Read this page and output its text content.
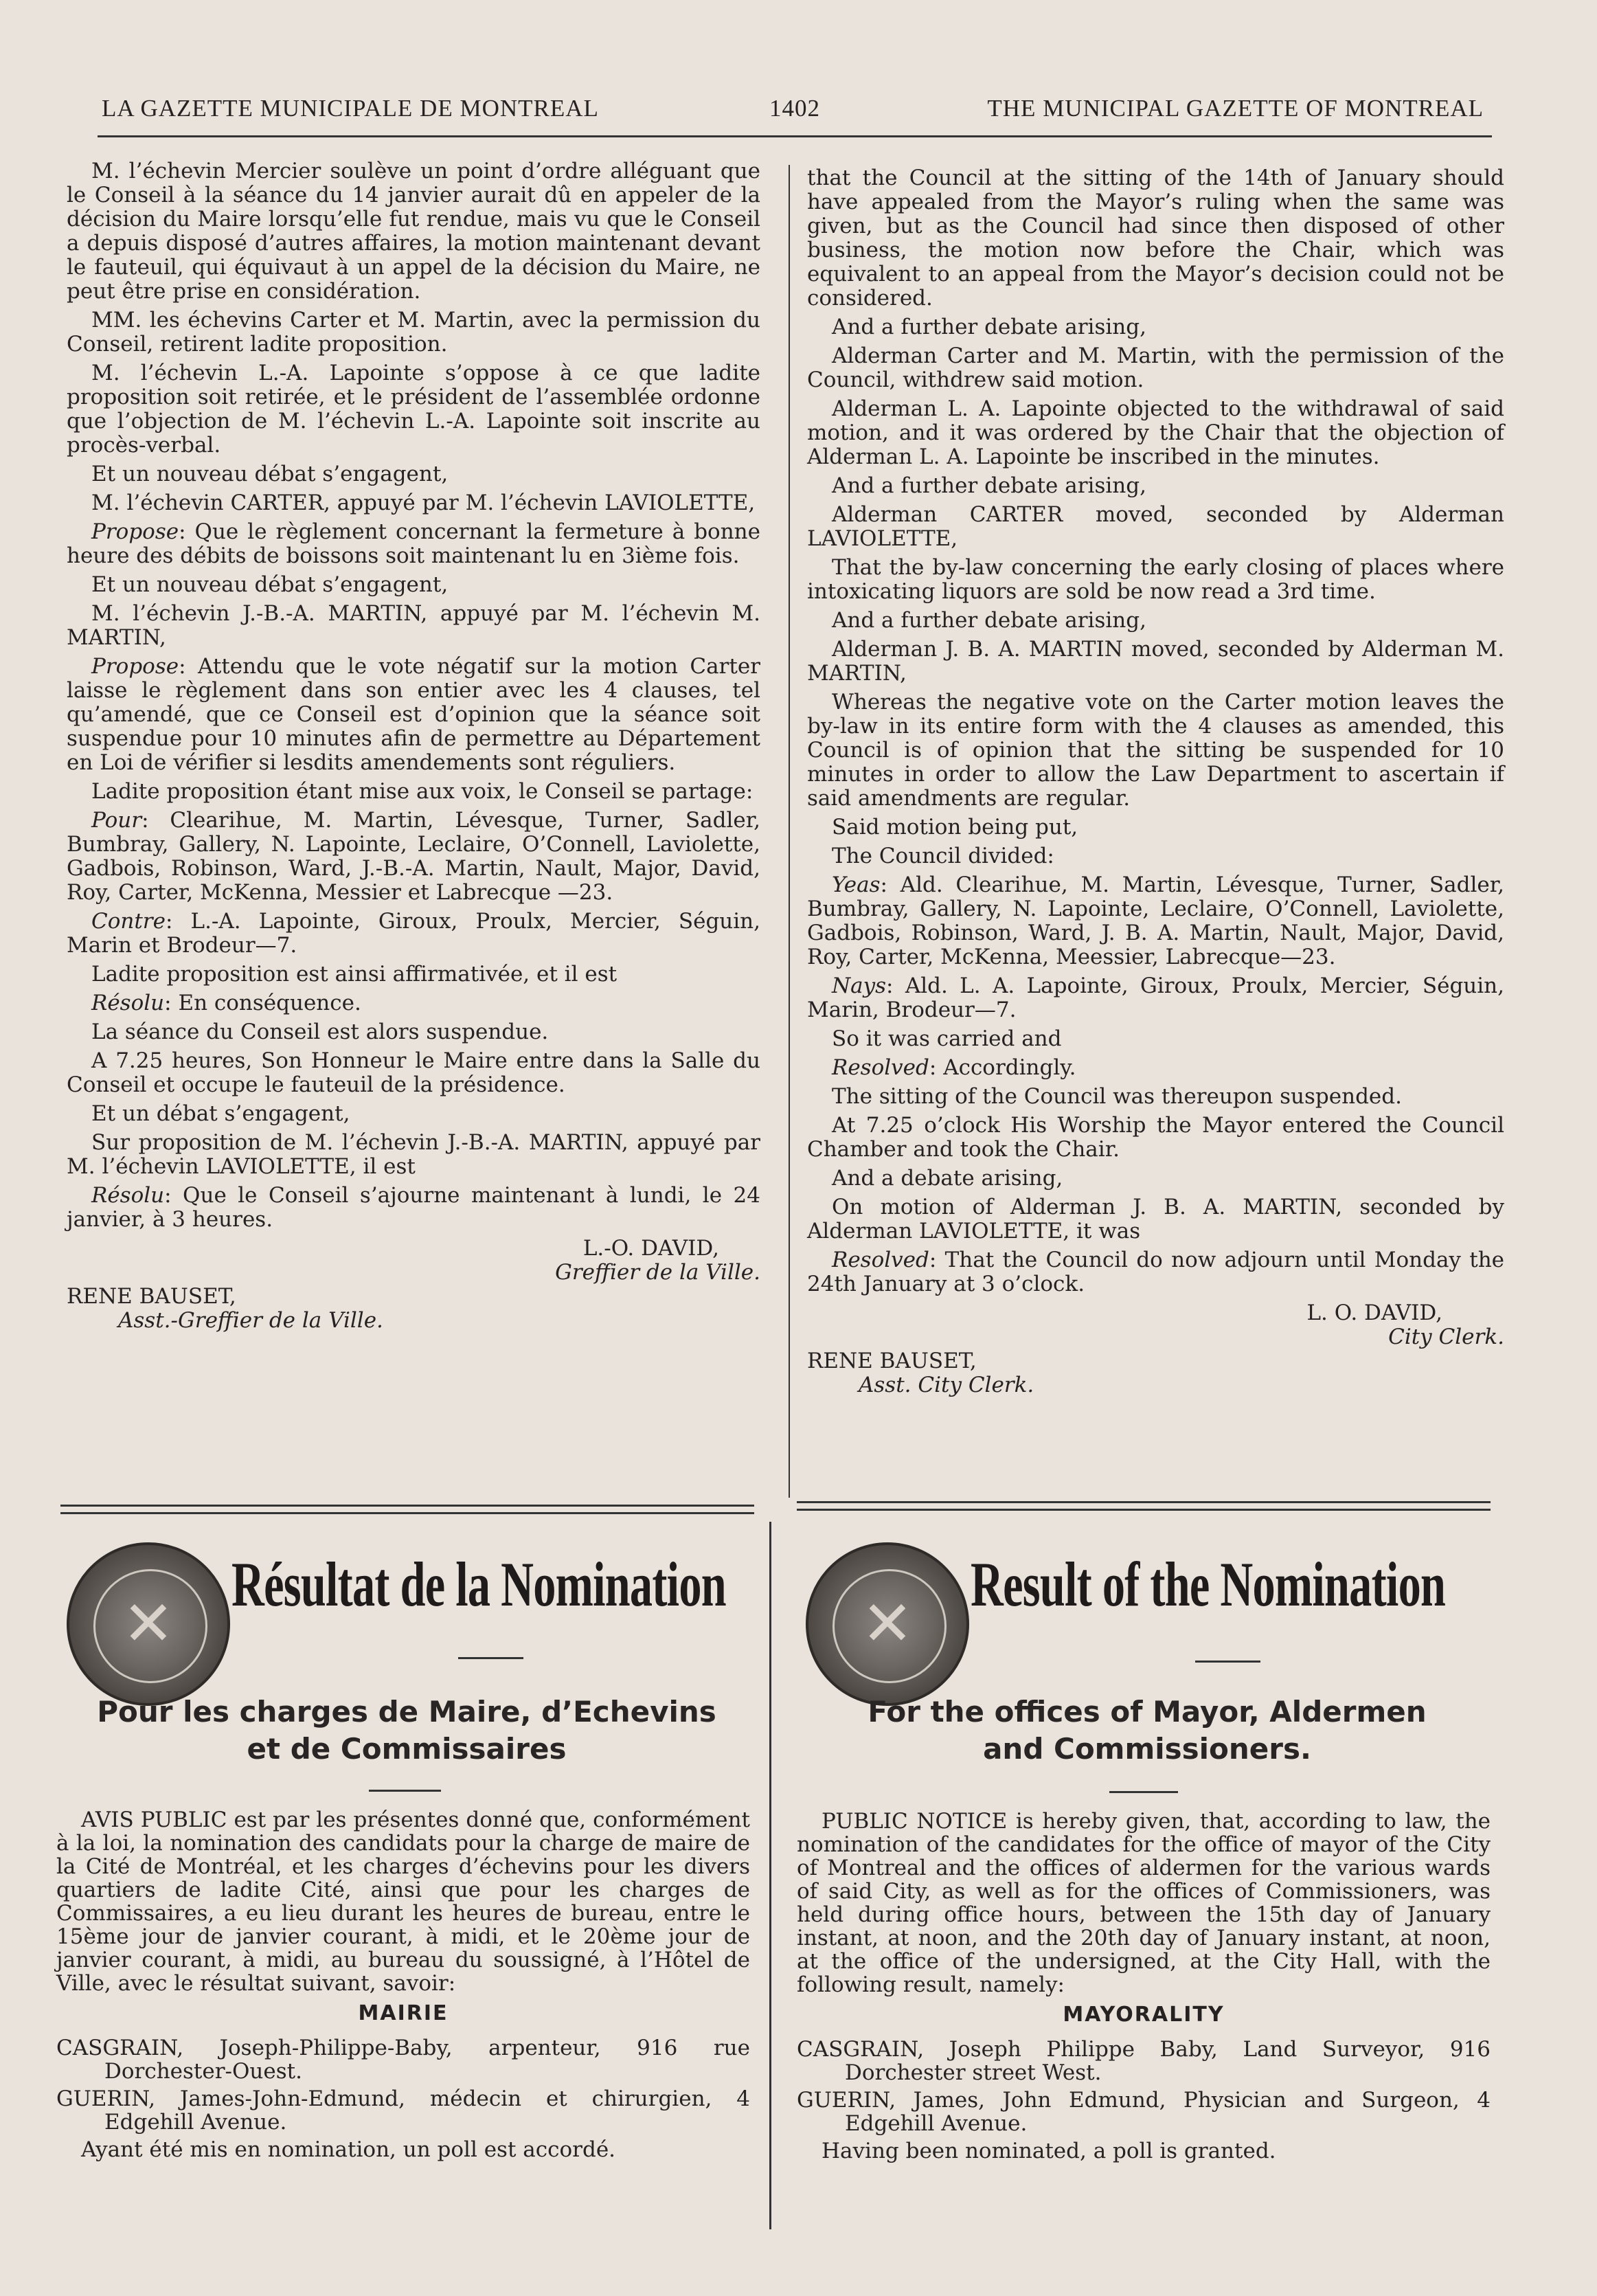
LA GAZETTE MUNICIPALE DE MONTREAL	1402	THE MUNICIPAL GAZETTE OF MONTREAL

M. l’échevin Mercier soulève un point d’ordre alléguant que le Conseil à la séance du 14 janvier aurait dû en appeler de la décision du Maire lorsqu’elle fut rendue, mais vu que le Conseil a depuis disposé d’autres affaires, la motion maintenant devant le fauteuil, qui équivaut à un appel de la décision du Maire, ne peut être prise en considération.

MM. les échevins Carter et M. Martin, avec la permission du Conseil, retirent ladite proposition.

M. l’échevin L.-A. Lapointe s’oppose à ce que ladite proposition soit retirée, et le président de l’assemblée ordonne que l’objection de M. l’échevin L.-A. Lapointe soit inscrite au procès-verbal.

Et un nouveau débat s’engagent,

M. l’échevin CARTER, appuyé par M. l’échevin LAVIOLETTE,

Propose: Que le règlement concernant la fermeture à bonne heure des débits de boissons soit maintenant lu en 3ième fois.

Et un nouveau débat s’engagent,

M. l’échevin J.-B.-A. MARTIN, appuyé par M. l’échevin M. MARTIN,

Propose: Attendu que le vote négatif sur la motion Carter laisse le règlement dans son entier avec les 4 clauses, tel qu’amendé, que ce Conseil est d’opinion que la séance soit suspendue pour 10 minutes afin de permettre au Département en Loi de vérifier si lesdits amendements sont réguliers.

Ladite proposition étant mise aux voix, le Conseil se partage:

Pour: Clearihue, M. Martin, Lévesque, Turner, Sadler, Bumbray, Gallery, N. Lapointe, Leclaire, O’Connell, Laviolette, Gadbois, Robinson, Ward, J.-B.-A. Martin, Nault, Major, David, Roy, Carter, McKenna, Messier et Labrecque —23.

Contre: L.-A. Lapointe, Giroux, Proulx, Mercier, Séguin, Marin et Brodeur—7.

Ladite proposition est ainsi affirmativée, et il est

Résolu: En conséquence.

La séance du Conseil est alors suspendue.

A 7.25 heures, Son Honneur le Maire entre dans la Salle du Conseil et occupe le fauteuil de la présidence.

Et un débat s’engagent,

Sur proposition de M. l’échevin J.-B.-A. MARTIN, appuyé par M. l’échevin LAVIOLETTE, il est

Résolu: Que le Conseil s’ajourne maintenant à lundi, le 24 janvier, à 3 heures.

L.-O. DAVID,

Greffier de la Ville.

RENE BAUSET,

Asst.-Greffier de la Ville.

that the Council at the sitting of the 14th of January should have appealed from the Mayor’s ruling when the same was given, but as the Council had since then disposed of other business, the motion now before the Chair, which was equivalent to an appeal from the Mayor’s decision could not be considered.

And a further debate arising,

Alderman Carter and M. Martin, with the permission of the Council, withdrew said motion.

Alderman L. A. Lapointe objected to the withdrawal of said motion, and it was ordered by the Chair that the objection of Alderman L. A. Lapointe be inscribed in the minutes.

And a further debate arising,

Alderman CARTER moved, seconded by Alderman LAVIOLETTE,

That the by-law concerning the early closing of places where intoxicating liquors are sold be now read a 3rd time.

And a further debate arising,

Alderman J. B. A. MARTIN moved, seconded by Alderman M. MARTIN,

Whereas the negative vote on the Carter motion leaves the by-law in its entire form with the 4 clauses as amended, this Council is of opinion that the sitting be suspended for 10 minutes in order to allow the Law Department to ascertain if said amendments are regular.

Said motion being put,

The Council divided:

Yeas: Ald. Clearihue, M. Martin, Lévesque, Turner, Sadler, Bumbray, Gallery, N. Lapointe, Leclaire, O’Connell, Laviolette, Gadbois, Robinson, Ward, J. B. A. Martin, Nault, Major, David, Roy, Carter, McKenna, Meessier, Labrecque—23.

Nays: Ald. L. A. Lapointe, Giroux, Proulx, Mercier, Séguin, Marin, Brodeur—7.

So it was carried and

Resolved: Accordingly.

The sitting of the Council was thereupon suspended.

At 7.25 o’clock His Worship the Mayor entered the Council Chamber and took the Chair.

And a debate arising,

On motion of Alderman J. B. A. MARTIN, seconded by Alderman LAVIOLETTE, it was

Resolved: That the Council do now adjourn until Monday the 24th January at 3 o’clock.

L. O. DAVID,

City Clerk.

RENE BAUSET,

Asst. City Clerk.

✕
Résultat de la Nomination
Pour les charges de Maire, d’Echevins
et de Commissaires

AVIS PUBLIC est par les présentes donné que, conformément à la loi, la nomination des candidats pour la charge de maire de la Cité de Montréal, et les charges d’échevins pour les divers quartiers de ladite Cité, ainsi que pour les charges de Commissaires, a eu lieu durant les heures de bureau, entre le 15ème jour de janvier courant, à midi, et le 20ème jour de janvier courant, à midi, au bureau du soussigné, à l’Hôtel de Ville, avec le résultat suivant, savoir:

MAIRIE

CASGRAIN, Joseph-Philippe-Baby, arpenteur, 916 rue Dorchester-Ouest.

GUERIN, James-John-Edmund, médecin et chirurgien, 4 Edgehill Avenue.

Ayant été mis en nomination, un poll est accordé.

✕
Result of the Nomination
For the offices of Mayor, Aldermen
and Commissioners.

PUBLIC NOTICE is hereby given, that, according to law, the nomination of the candidates for the office of mayor of the City of Montreal and the offices of aldermen for the various wards of said City, as well as for the offices of Commissioners, was held during office hours, between the 15th day of January instant, at noon, and the 20th day of January instant, at noon, at the office of the undersigned, at the City Hall, with the following result, namely:

MAYORALITY

CASGRAIN, Joseph Philippe Baby, Land Surveyor, 916 Dorchester street West.

GUERIN, James, John Edmund, Physician and Surgeon, 4 Edgehill Avenue.

Having been nominated, a poll is granted.
